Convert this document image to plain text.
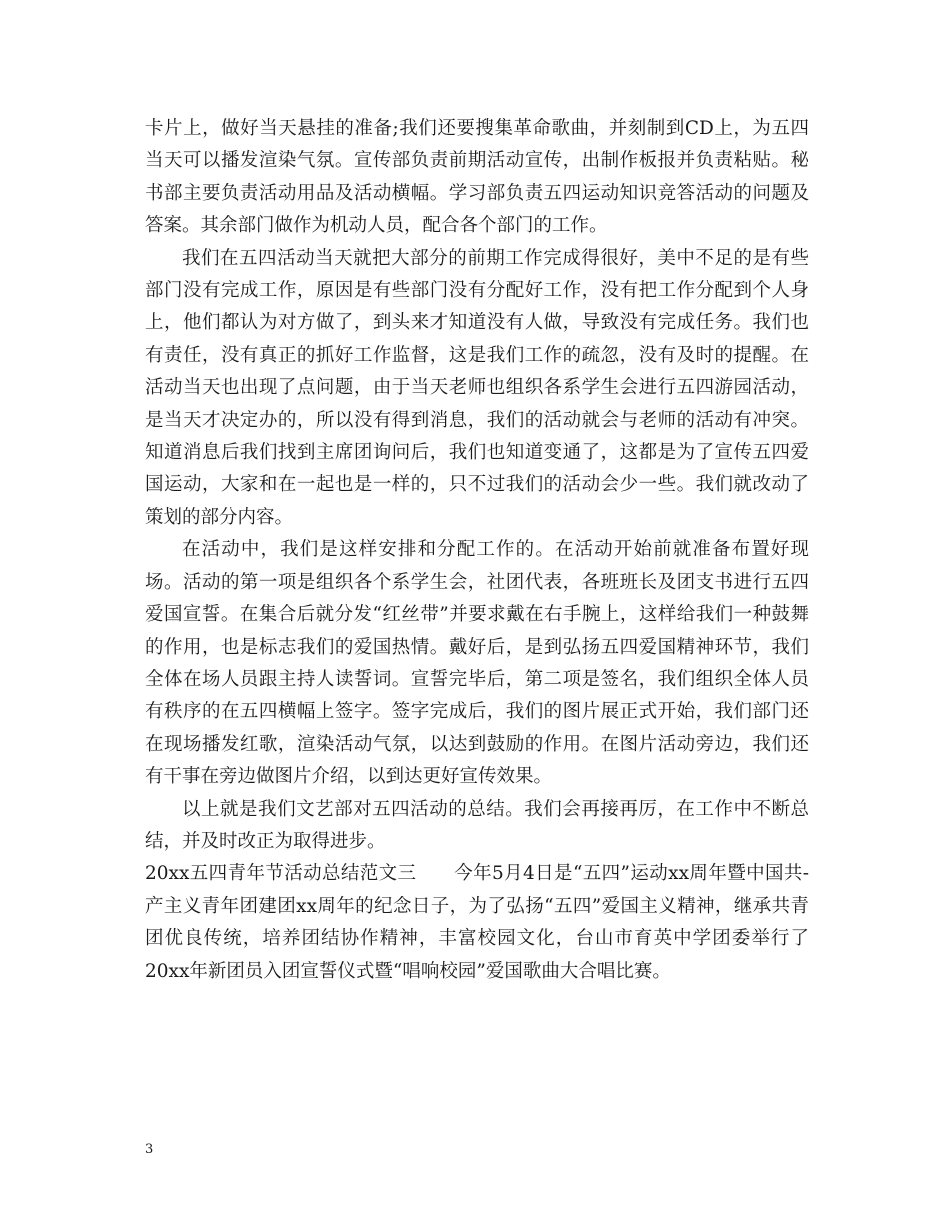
卡片上，做好当天悬挂的准备;我们还要搜集革命歌曲，并刻制到CD上，为五四当天可以播发渲染气氛。宣传部负责前期活动宣传，出制作板报并负责粘贴。秘书部主要负责活动用品及活动横幅。学习部负责五四运动知识竞答活动的问题及答案。其余部门做作为机动人员，配合各个部门的工作。

我们在五四活动当天就把大部分的前期工作完成得很好，美中不足的是有些部门没有完成工作，原因是有些部门没有分配好工作，没有把工作分配到个人身上，他们都认为对方做了，到头来才知道没有人做，导致没有完成任务。我们也有责任，没有真正的抓好工作监督，这是我们工作的疏忽，没有及时的提醒。在活动当天也出现了点问题，由于当天老师也组织各系学生会进行五四游园活动，是当天才决定办的，所以没有得到消息，我们的活动就会与老师的活动有冲突。知道消息后我们找到主席团询问后，我们也知道变通了，这都是为了宣传五四爱国运动，大家和在一起也是一样的，只不过我们的活动会少一些。我们就改动了策划的部分内容。

在活动中，我们是这样安排和分配工作的。在活动开始前就准备布置好现场。活动的第一项是组织各个系学生会，社团代表，各班班长及团支书进行五四爱国宣誓。在集合后就分发“红丝带”并要求戴在右手腕上，这样给我们一种鼓舞的作用，也是标志我们的爱国热情。戴好后，是到弘扬五四爱国精神环节，我们全体在场人员跟主持人读誓词。宣誓完毕后，第二项是签名，我们组织全体人员有秩序的在五四横幅上签字。签字完成后，我们的图片展正式开始，我们部门还在现场播发红歌，渲染活动气氛，以达到鼓励的作用。在图片活动旁边，我们还有干事在旁边做图片介绍，以到达更好宣传效果。

以上就是我们文艺部对五四活动的总结。我们会再接再厉，在工作中不断总结，并及时改正为取得进步。

20xx五四青年节活动总结范文三　　今年5月4日是“五四”运动xx周年暨中国共-产主义青年团建团xx周年的纪念日子，为了弘扬“五四”爱国主义精神，继承共青团优良传统，培养团结协作精神，丰富校园文化，台山市育英中学团委举行了20xx年新团员入团宣誓仪式暨“唱响校园”爱国歌曲大合唱比赛。

3
